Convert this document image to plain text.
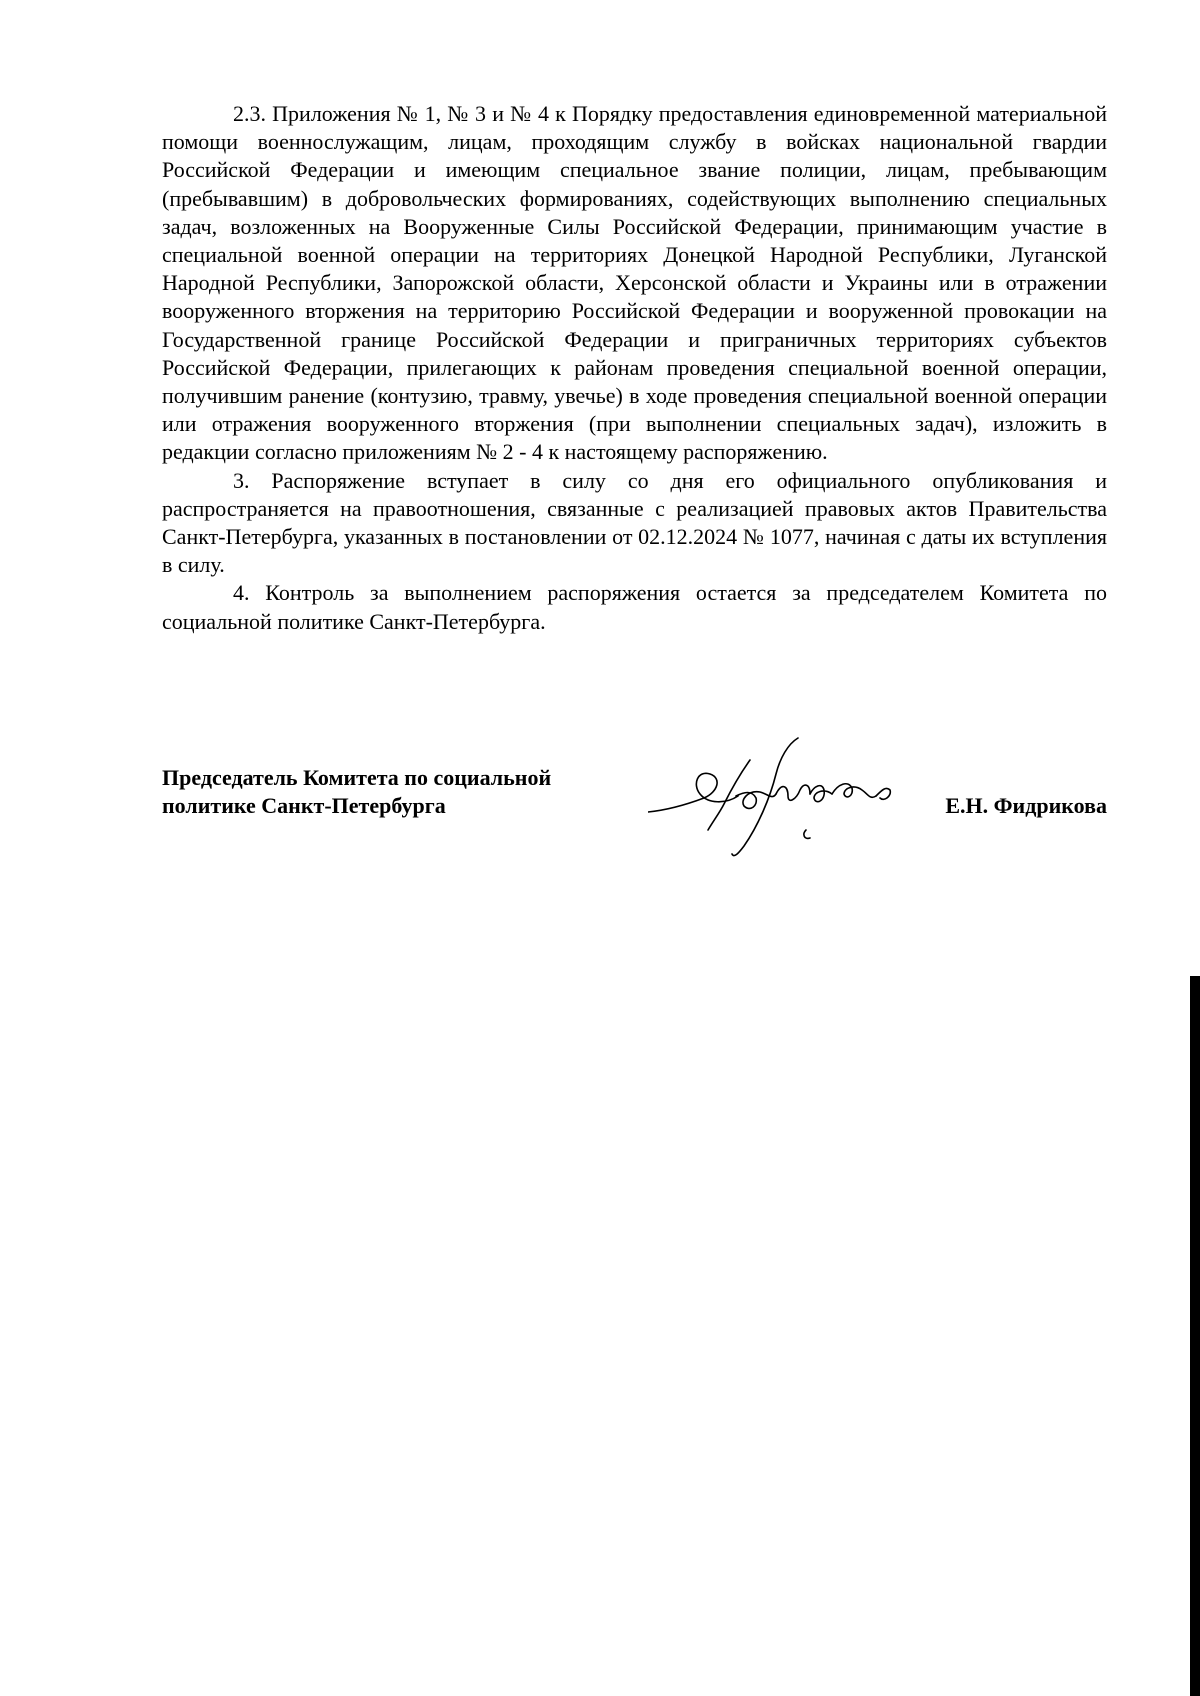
2.3. Приложения № 1, № 3 и № 4 к Порядку предоставления единовременной материальной помощи военнослужащим, лицам, проходящим службу в войсках национальной гвардии Российской Федерации и имеющим специальное звание полиции, лицам, пребывающим (пребывавшим) в добровольческих формированиях, содействующих выполнению специальных задач, возложенных на Вооруженные Силы Российской Федерации, принимающим участие в специальной военной операции на территориях Донецкой Народной Республики, Луганской Народной Республики, Запорожской области, Херсонской области и Украины или в отражении вооруженного вторжения на территорию Российской Федерации и вооруженной провокации на Государственной границе Российской Федерации и приграничных территориях субъектов Российской Федерации, прилегающих к районам проведения специальной военной операции, получившим ранение (контузию, травму, увечье) в ходе проведения специальной военной операции или отражения вооруженного вторжения (при выполнении специальных задач), изложить в редакции согласно приложениям № 2 - 4 к настоящему распоряжению.

3. Распоряжение вступает в силу со дня его официального опубликования и распространяется на правоотношения, связанные с реализацией правовых актов Правительства Санкт-Петербурга, указанных в постановлении от 02.12.2024 № 1077, начиная с даты их вступления в силу.

4. Контроль за выполнением распоряжения остается за председателем Комитета по социальной политике Санкт-Петербурга.

Председатель Комитета по социальной
политике Санкт-Петербурга	Е.Н. Фидрикова
